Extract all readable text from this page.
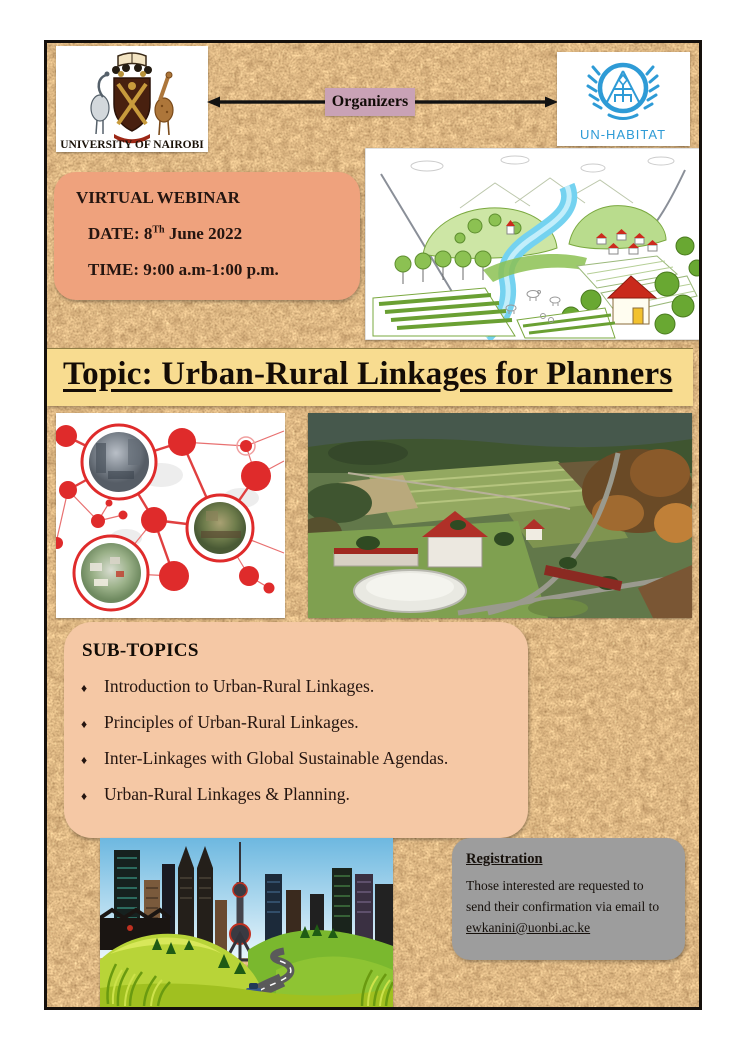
UNIVERSITY OF NAIROBI
Organizers
UN-HABITAT

VIRTUAL WEBINAR

DATE: 8Th June 2022

TIME: 9:00 a.m-1:00 p.m.

Topic: Urban-Rural Linkages for Planners

SUB-TOPICS
♦ Introduction to Urban-Rural Linkages.
♦ Principles of Urban-Rural Linkages.
♦ Inter-Linkages with Global Sustainable Agendas.
♦ Urban-Rural Linkages & Planning.
Registration

Those interested are requested to send their confirmation via email to ewkanini@uonbi.ac.ke
